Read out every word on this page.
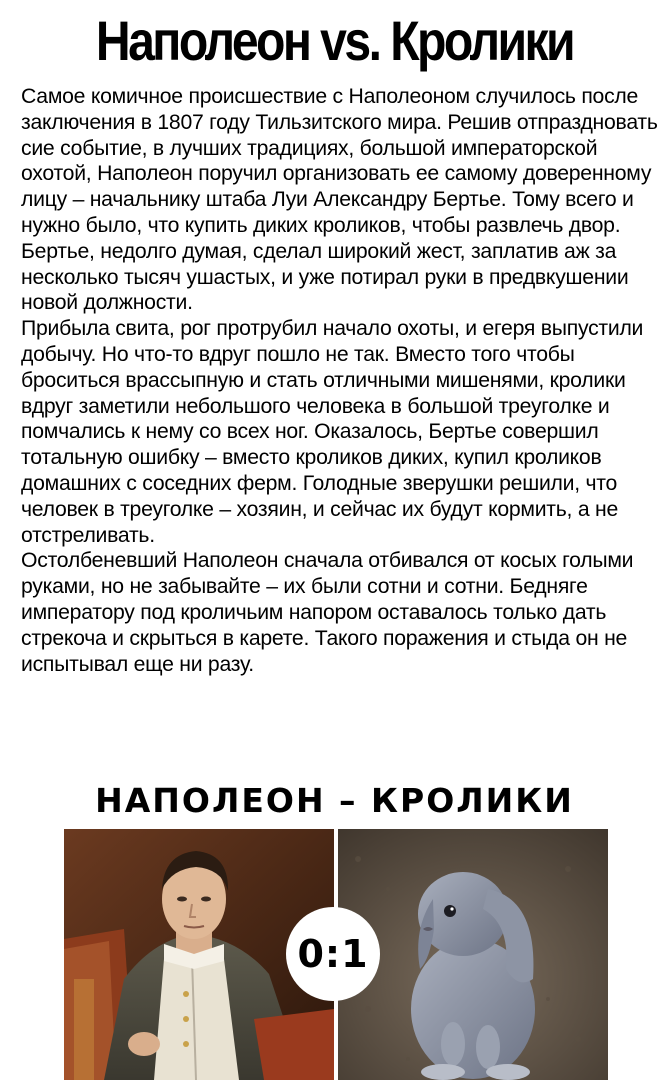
Наполеон vs. Кролики

Самое комичное происшествие с Наполеоном случилось после заключения в 1807 году Тильзитского мира. Решив отпраздновать сие событие, в лучших традициях, большой императорской охотой, Наполеон поручил организовать ее самому доверенному лицу – начальнику штаба Луи Александру Бертье. Тому всего и нужно было, что купить диких кроликов, чтобы развлечь двор. Бертье, недолго думая, сделал широкий жест, заплатив аж за несколько тысяч ушастых, и уже потирал руки в предвкушении новой должности.

Прибыла свита, рог протрубил начало охоты, и егеря выпустили добычу. Но что-то вдруг пошло не так. Вместо того чтобы броситься врассыпную и стать отличными мишенями, кролики вдруг заметили небольшого человека в большой треуголке и помчались к нему со всех ног. Оказалось, Бертье совершил тотальную ошибку – вместо кроликов диких, купил кроликов домашних с соседних ферм. Голодные зверушки решили, что человек в треуголке – хозяин, и сейчас их будут кормить, а не отстреливать.

Остолбеневший Наполеон сначала отбивался от косых голыми руками, но не забывайте – их были сотни и сотни. Бедняге императору под кроличьим напором оставалось только дать стрекоча и скрыться в карете. Такого поражения и стыда он не испытывал еще ни разу.

НАПОЛЕОН – КРОЛИКИ
0:1
